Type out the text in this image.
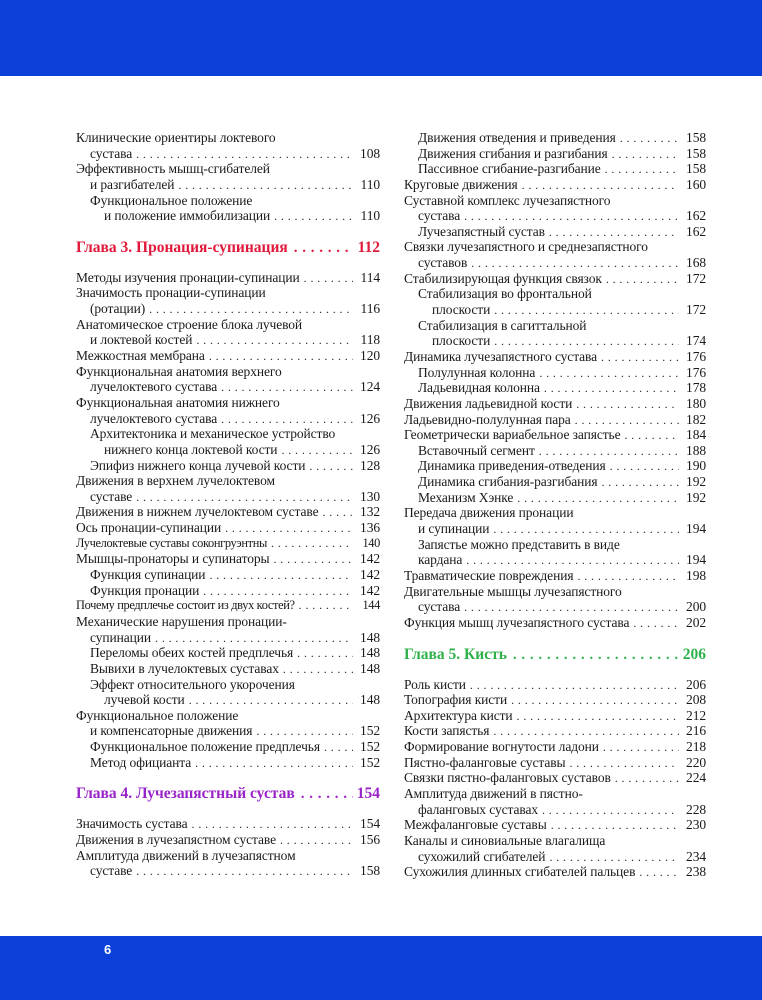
Клинические ориентиры локтевого
сустава . . .	108
Эффективность мышц-сгибателей
и разгибателей . . .	110
Функциональное положение
и положение иммобилизации . . .	110
Глава 3. Пронация-супинация . . .	112
Методы изучения пронации-супинации . . .	114
Значимость пронации-супинации
(ротации) . . .	116
Анатомическое строение блока лучевой
и локтевой костей . . .	118
Межкостная мембрана . . .	120
Функциональная анатомия верхнего
лучелоктевого сустава . . .	124
Функциональная анатомия нижнего
лучелоктевого сустава . . .	126
Архитектоника и механическое устройство
нижнего конца локтевой кости . . .	126
Эпифиз нижнего конца лучевой кости . . .	128
Движения в верхнем лучелоктевом
суставе . . .	130
Движения в нижнем лучелоктевом суставе . . .	132
Ось пронации-супинации . . .	136
Лучелоктевые суставы соконгруэнтны . . .	140
Мышцы-пронаторы и супинаторы . . .	142
Функция супинации . . .	142
Функция пронации . . .	142
Почему предплечье состоит из двух костей? . . .	144
Механические нарушения пронации-
супинации . . .	148
Переломы обеих костей предплечья . . .	148
Вывихи в лучелоктевых суставах . . .	148
Эффект относительного укорочения
лучевой кости . . .	148
Функциональное положение
и компенсаторные движения . . .	152
Функциональное положение предплечья . . .	152
Метод официанта . . .	152
Глава 4. Лучезапястный сустав . . .	154
Значимость сустава . . .	154
Движения в лучезапястном суставе . . .	156
Амплитуда движений в лучезапястном
суставе . . .	158
Движения отведения и приведения . . .	158
Движения сгибания и разгибания . . .	158
Пассивное сгибание-разгибание . . .	158
Круговые движения . . .	160
Суставной комплекс лучезапястного
сустава . . .	162
Лучезапястный сустав . . .	162
Связки лучезапястного и среднезапястного
суставов . . .	168
Стабилизирующая функция связок . . .	172
Стабилизация во фронтальной
плоскости . . .	172
Стабилизация в сагиттальной
плоскости . . .	174
Динамика лучезапястного сустава . . .	176
Полулунная колонна . . .	176
Ладьевидная колонна . . .	178
Движения ладьевидной кости . . .	180
Ладьевидно-полулунная пара . . .	182
Геометрически вариабельное запястье . . .	184
Вставочный сегмент . . .	188
Динамика приведения-отведения . . .	190
Динамика сгибания-разгибания . . .	192
Механизм Хэнке . . .	192
Передача движения пронации
и супинации . . .	194
Запястье можно представить в виде
кардана . . .	194
Травматические повреждения . . .	198
Двигательные мышцы лучезапястного
сустава . . .	200
Функция мышц лучезапястного сустава . . .	202
Глава 5. Кисть . . .	206
Роль кисти . . .	206
Топография кисти . . .	208
Архитектура кисти . . .	212
Кости запястья . . .	216
Формирование вогнутости ладони . . .	218
Пястно-фаланговые суставы . . .	220
Связки пястно-фаланговых суставов . . .	224
Амплитуда движений в пястно-
фаланговых суставах . . .	228
Межфаланговые суставы . . .	230
Каналы и синовиальные влагалища
сухожилий сгибателей . . .	234
Сухожилия длинных сгибателей пальцев . . .	238
6
